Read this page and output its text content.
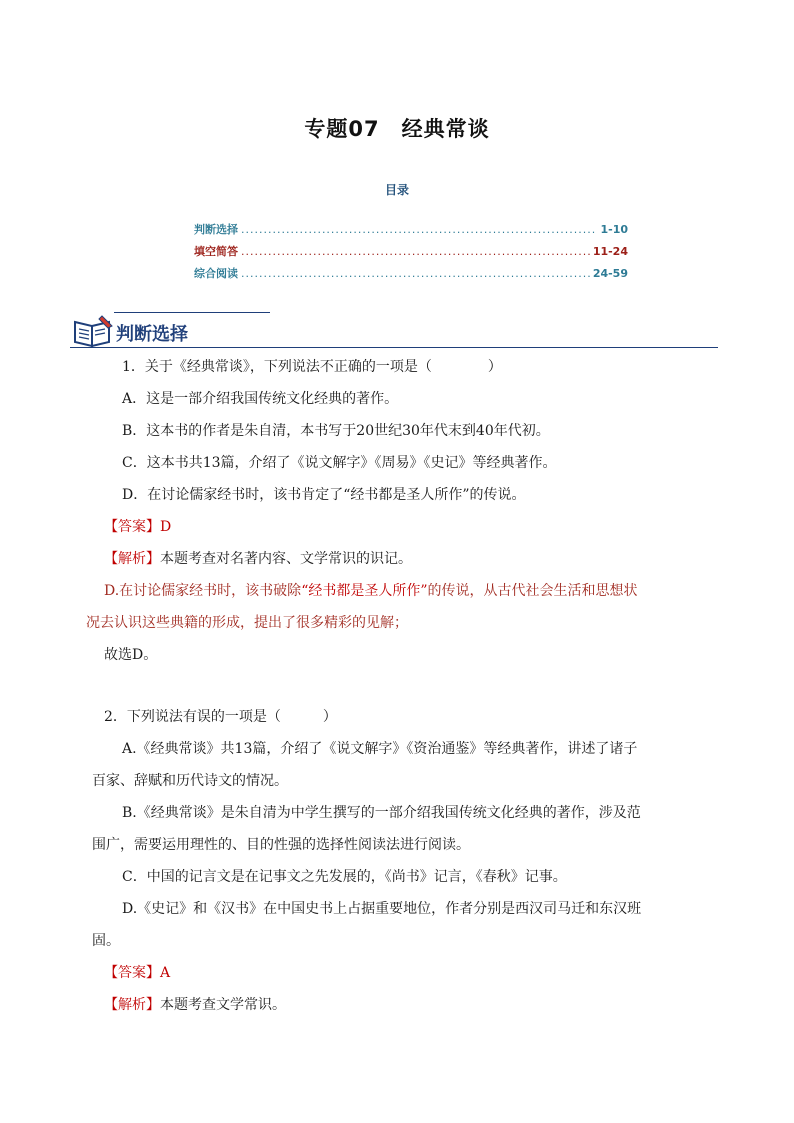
专题07　经典常谈
目录
判断选择 .....	1-10
填空简答 .....	11-24
综合阅读 .....	24-59
判断选择
1．关于《经典常谈》，下列说法不正确的一项是（　　　　）
A．这是一部介绍我国传统文化经典的著作。
B．这本书的作者是朱自清，本书写于20世纪30年代末到40年代初。
C．这本书共13篇，介绍了《说文解字》《周易》《史记》等经典著作。
D．在讨论儒家经书时，该书肯定了“经书都是圣人所作”的传说。
【答案】D
【解析】本题考查对名著内容、文学常识的识记。
D.在讨论儒家经书时，该书破除“经书都是圣人所作”的传说，从古代社会生活和思想状
况去认识这些典籍的形成，提出了很多精彩的见解；
故选D。
2．下列说法有误的一项是（　　　）
A.《经典常谈》共13篇，介绍了《说文解字》《资治通鉴》等经典著作，讲述了诸子
百家、辞赋和历代诗文的情况。
B.《经典常谈》是朱自清为中学生撰写的一部介绍我国传统文化经典的著作，涉及范
围广，需要运用理性的、目的性强的选择性阅读法进行阅读。
C．中国的记言文是在记事文之先发展的，《尚书》记言，《春秋》记事。
D.《史记》和《汉书》在中国史书上占据重要地位，作者分别是西汉司马迁和东汉班
固。
【答案】A
【解析】本题考查文学常识。
